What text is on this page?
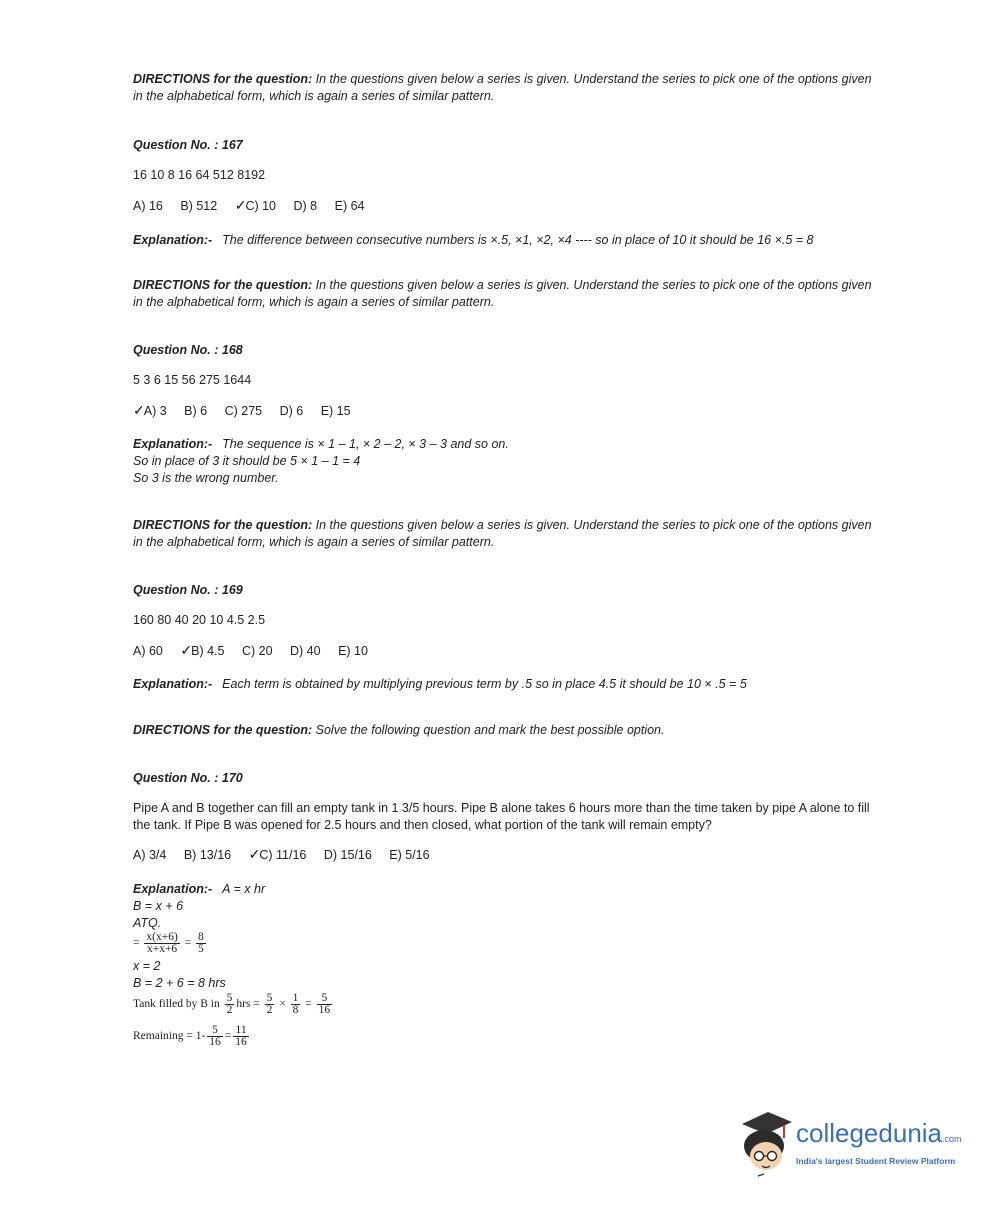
DIRECTIONS for the question: In the questions given below a series is given. Understand the series to pick one of the options given in the alphabetical form, which is again a series of similar pattern.
Question No. : 167
16 10 8 16 64 512 8192
A) 16 B) 512 ✓C) 10 D) 8 E) 64
Explanation:- The difference between consecutive numbers is ×.5, ×1, ×2, ×4 ---- so in place of 10 it should be 16 ×.5 = 8
DIRECTIONS for the question: In the questions given below a series is given. Understand the series to pick one of the options given in the alphabetical form, which is again a series of similar pattern.
Question No. : 168
5 3 6 15 56 275 1644
✓A) 3 B) 6 C) 275 D) 6 E) 15
Explanation:- The sequence is × 1 – 1, × 2 – 2, × 3 – 3 and so on.
So in place of 3 it should be 5 × 1 – 1 = 4
So 3 is the wrong number.
DIRECTIONS for the question: In the questions given below a series is given. Understand the series to pick one of the options given in the alphabetical form, which is again a series of similar pattern.
Question No. : 169
160 80 40 20 10 4.5 2.5
A) 60 ✓B) 4.5 C) 20 D) 40 E) 10
Explanation:- Each term is obtained by multiplying previous term by .5 so in place 4.5 it should be 10 × .5 = 5
DIRECTIONS for the question: Solve the following question and mark the best possible option.
Question No. : 170
Pipe A and B together can fill an empty tank in 1 3/5 hours. Pipe B alone takes 6 hours more than the time taken by pipe A alone to fill the tank. If Pipe B was opened for 2.5 hours and then closed, what portion of the tank will remain empty?
A) 3/4 B) 13/16 ✓C) 11/16 D) 15/16 E) 5/16
Explanation:- A = x hr
B = x + 6
ATQ.
= $\frac{x(x+6)}{x+x+6} = \frac{8}{5}$
x = 2
B = 2 + 6 = 8 hrs
Tank filled by B in $\frac{5}{2}$ hrs = $\frac{5}{2} \times \frac{1}{8} = \frac{5}{16}$
Remaining = $1- \frac{5}{16} = \frac{11}{16}$
collegedunia.com
India's largest Student Review Platform
